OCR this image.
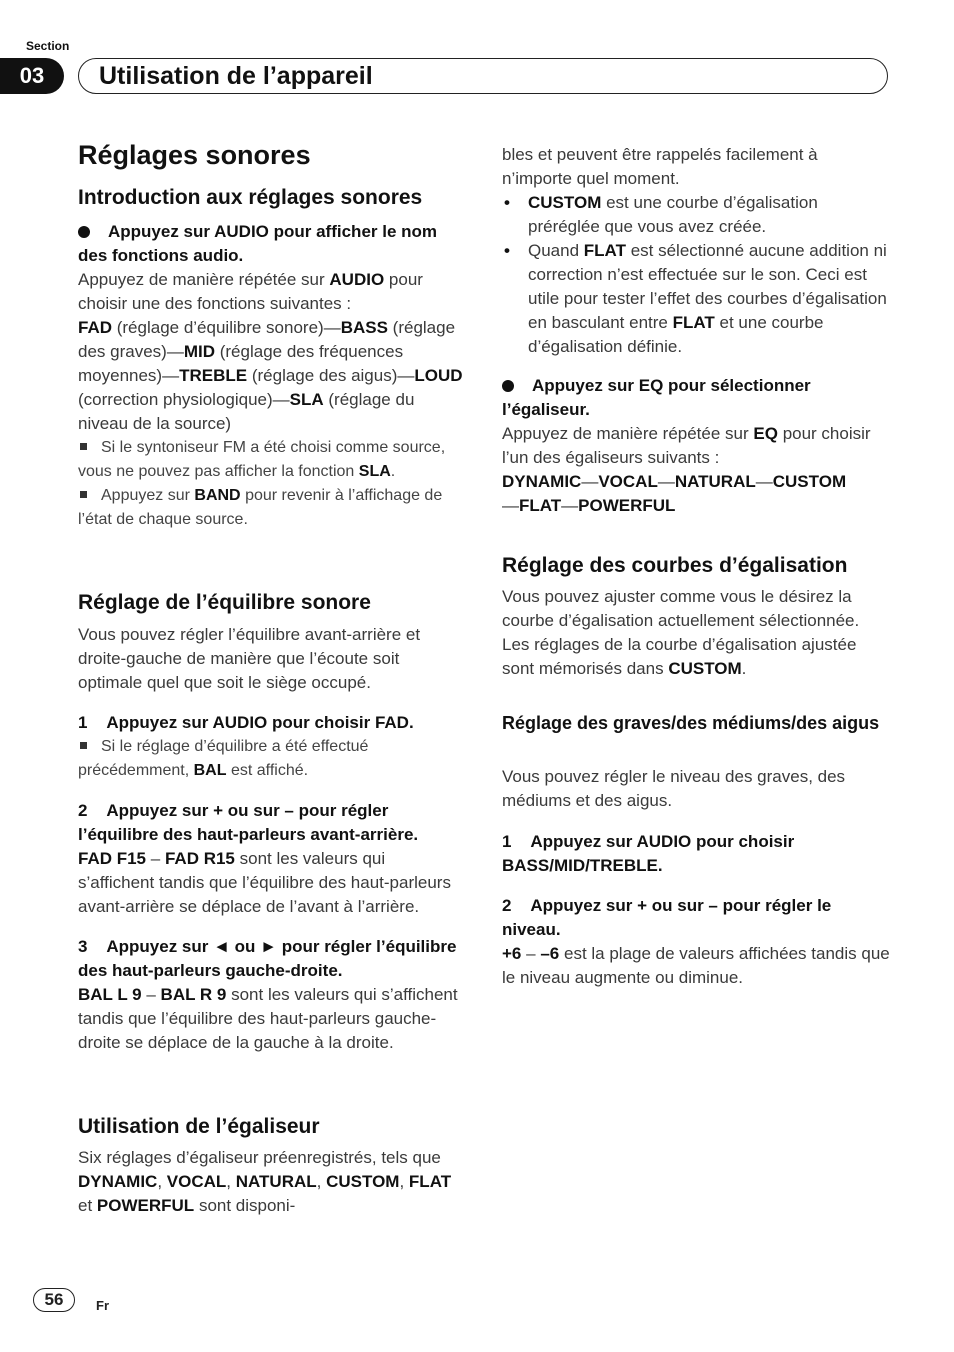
Section
03	Utilisation de l’appareil
Réglages sonores
Introduction aux réglages sonores

Appuyez sur AUDIO pour afficher le nom des fonctions audio.

Appuyez de manière répétée sur AUDIO pour choisir une des fonctions suivantes :

FAD (réglage d’équilibre sonore)—BASS (réglage des graves)—MID (réglage des fréquences moyennes)—TREBLE (réglage des aigus)—LOUD (correction physiologique)—SLA (réglage du niveau de la source)

Si le syntoniseur FM a été choisi comme source, vous ne pouvez pas afficher la fonction SLA.

Appuyez sur BAND pour revenir à l’affichage de l’état de chaque source.

Réglage de l’équilibre sonore

Vous pouvez régler l’équilibre avant-arrière et droite-gauche de manière que l’écoute soit optimale quel que soit le siège occupé.

1 Appuyez sur AUDIO pour choisir FAD.

Si le réglage d’équilibre a été effectué précédemment, BAL est affiché.

2 Appuyez sur + ou sur – pour régler l’équilibre des haut-parleurs avant-arrière.

FAD F15 – FAD R15 sont les valeurs qui s’affichent tandis que l’équilibre des haut-parleurs avant-arrière se déplace de l’avant à l’arrière.

3 Appuyez sur ◄ ou ► pour régler l’équilibre des haut-parleurs gauche-droite.

BAL L 9 – BAL R 9 sont les valeurs qui s’affichent tandis que l’équilibre des haut-parleurs gauche-droite se déplace de la gauche à la droite.

Utilisation de l’égaliseur

Six réglages d’égaliseur préenregistrés, tels que DYNAMIC, VOCAL, NATURAL, CUSTOM, FLAT et POWERFUL sont disponi-

bles et peuvent être rappelés facilement à n’importe quel moment.

• CUSTOM est une courbe d’égalisation préréglée que vous avez créée.
• Quand FLAT est sélectionné aucune addition ni correction n’est effectuée sur le son. Ceci est utile pour tester l’effet des courbes d’égalisation en basculant entre FLAT et une courbe d’égalisation définie.

Appuyez sur EQ pour sélectionner l’égaliseur.

Appuyez de manière répétée sur EQ pour choisir l’un des égaliseurs suivants :

DYNAMIC—VOCAL—NATURAL—CUSTOM
—FLAT—POWERFUL

Réglage des courbes d’égalisation

Vous pouvez ajuster comme vous le désirez la courbe d’égalisation actuellement sélectionnée. Les réglages de la courbe d’égalisation ajustée sont mémorisés dans CUSTOM.

Réglage des graves/des médiums/des aigus

Vous pouvez régler le niveau des graves, des médiums et des aigus.

1 Appuyez sur AUDIO pour choisir BASS/MID/TREBLE.

2 Appuyez sur + ou sur – pour régler le niveau.

+6 – –6 est la plage de valeurs affichées tandis que le niveau augmente ou diminue.

56	Fr
